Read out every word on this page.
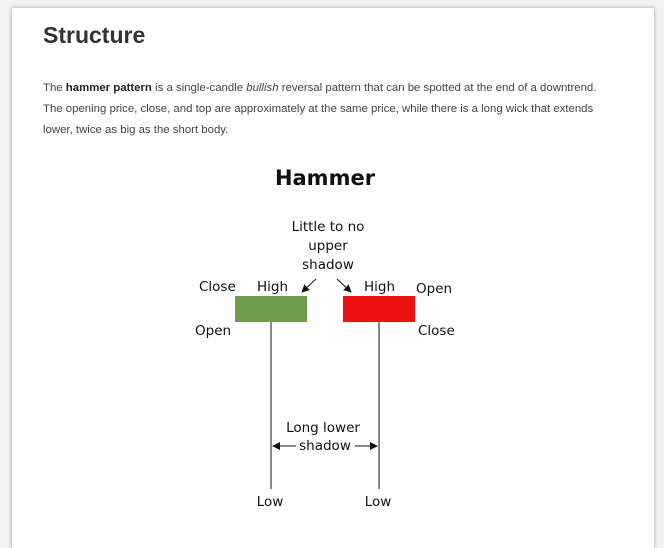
Structure
The hammer pattern is a single-candle bullish reversal pattern that can be spotted at the end of a downtrend. The opening price, close, and top are approximately at the same price, while there is a long wick that extends lower, twice as big as the short body.
Hammer
Little to no
upper
shadow
Close High
Open
Low
High Open
Close
Low
Long lower
shadow
